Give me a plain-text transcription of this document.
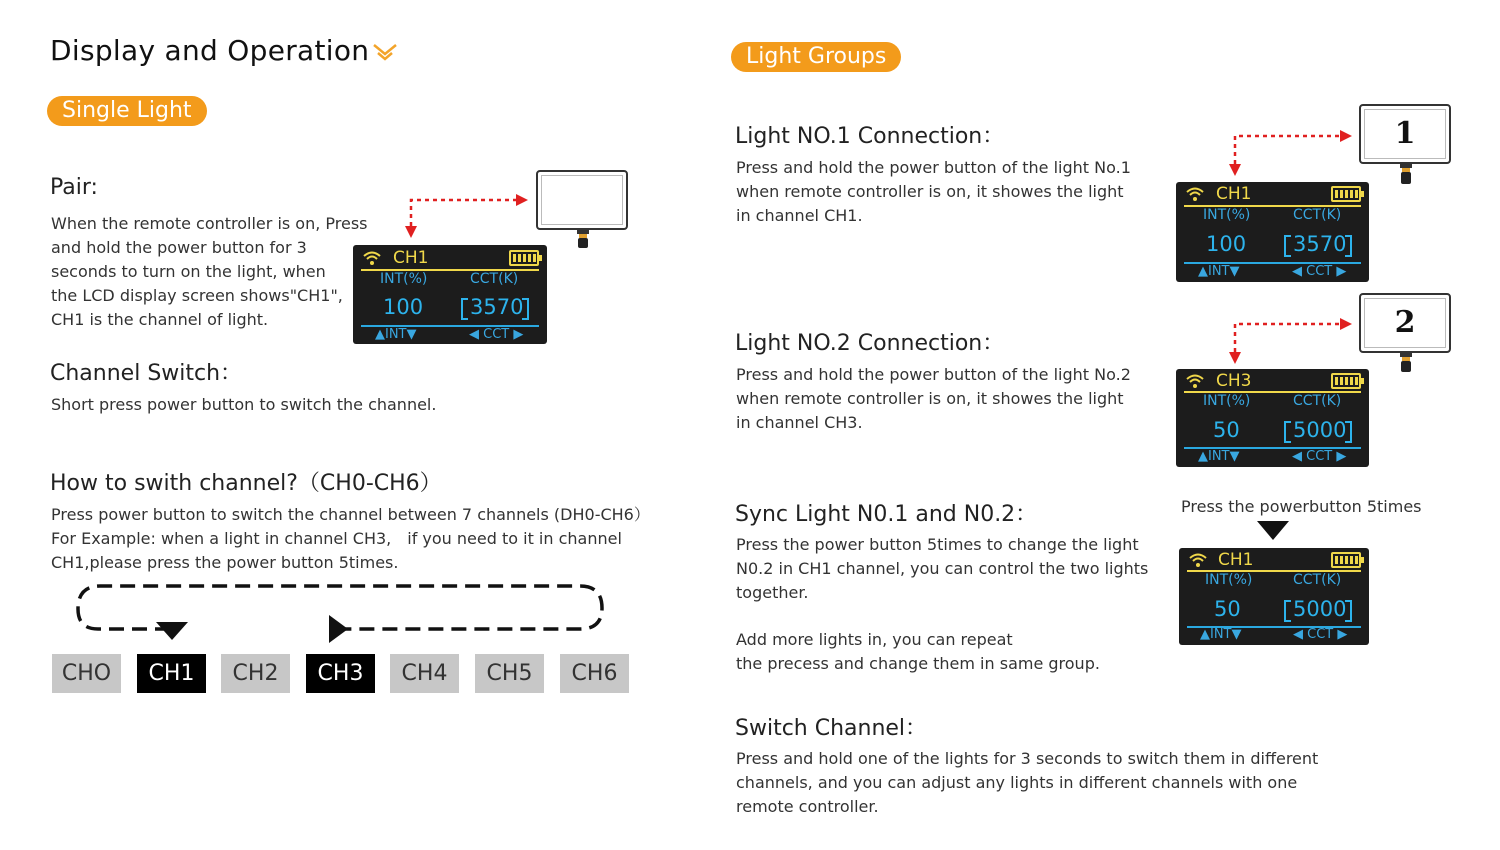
Display and Operation
Single Light
Pair:
When the remote controller is on, Press
and hold the power button for 3
seconds to turn on the light, when
the LCD display screen shows"CH1",
CH1 is the channel of light.
CH1
INT(%)	CCT(K)
100 3570
▲INT▼	◀ CCT ▶
Channel Switch：
Short press power button to switch the channel.
How to swith channel?（CH0-CH6）
Press power button to switch the channel between 7 channels (DH0-CH6）
For Example: when a light in channel CH3,　if you need to it in channel
CH1,please press the power button 5times.
CHO	CH1	CH2	CH3	CH4	CH5	CH6
Light Groups
Light NO.1 Connection：
Press and hold the power button of the light No.1
when remote controller is on, it showes the light
in channel CH1.
CH1
INT(%)	CCT(K)
100 3570
▲INT▼	◀ CCT ▶
1
Light NO.2 Connection：
Press and hold the power button of the light No.2
when remote controller is on, it showes the light
in channel CH3.
CH3
INT(%)	CCT(K)
50	5000
▲INT▼	◀ CCT ▶
2
Sync Light N0.1 and N0.2：
Press the power button 5times to change the light
N0.2 in CH1 channel, you can control the two lights
together.
Add more lights in, you can repeat
the precess and change them in same group.
Press the powerbutton 5times
CH1
INT(%)	CCT(K)
50 5000
▲INT▼	◀ CCT ▶
Switch Channel：
Press and hold one of the lights for 3 seconds to switch them in different
channels, and you can adjust any lights in different channels with one
remote controller.
